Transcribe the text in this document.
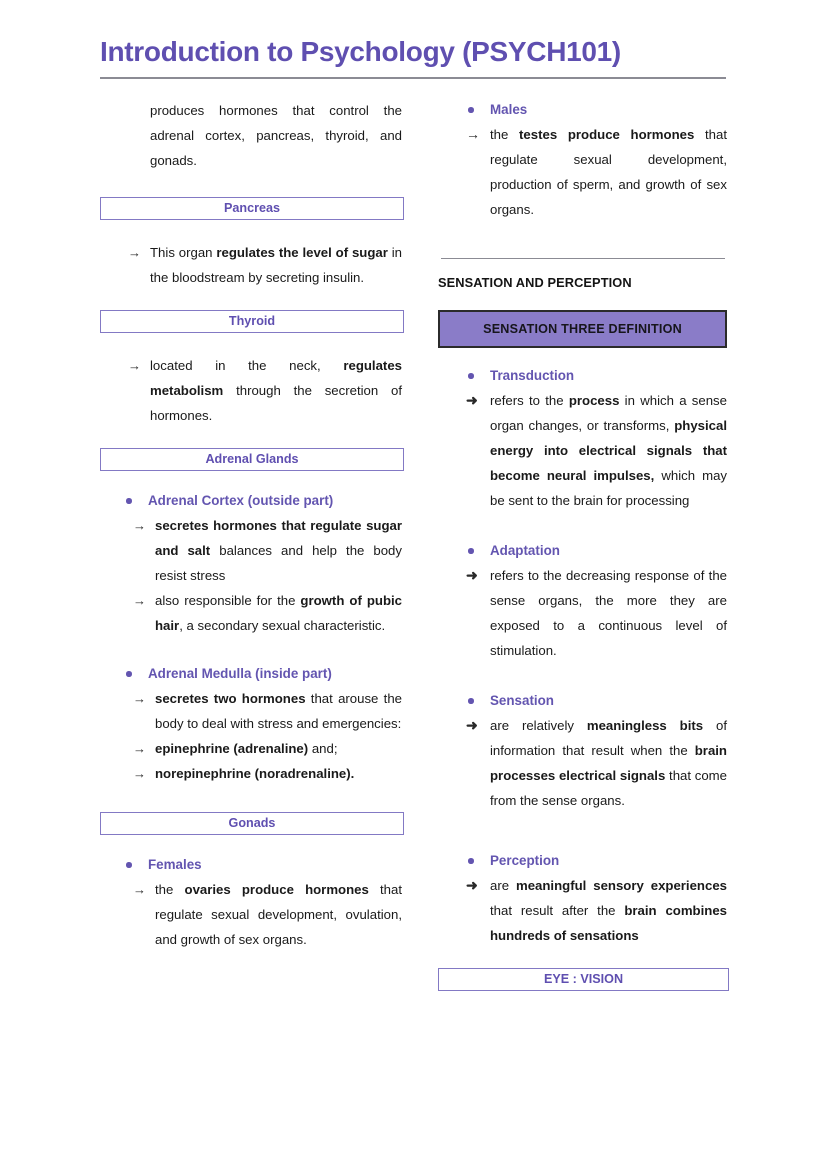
Introduction to Psychology (PSYCH101)
produces hormones that control the adrenal cortex, pancreas, thyroid, and gonads.
Pancreas
→ This organ regulates the level of sugar in the bloodstream by secreting insulin.
Thyroid
→ located in the neck, regulates metabolism through the secretion of hormones.
Adrenal Glands
Adrenal Cortex (outside part)
→ secretes hormones that regulate sugar and salt balances and help the body resist stress
→ also responsible for the growth of pubic hair, a secondary sexual characteristic.
Adrenal Medulla (inside part)
→ secretes two hormones that arouse the body to deal with stress and emergencies:
→ epinephrine (adrenaline) and;
→ norepinephrine (noradrenaline).
Gonads
Females
→ the ovaries produce hormones that regulate sexual development, ovulation, and growth of sex organs.
Males
→ the testes produce hormones that regulate sexual development, production of sperm, and growth of sex organs.
SENSATION AND PERCEPTION
SENSATION THREE DEFINITION
Transduction
➜ refers to the process in which a sense organ changes, or transforms, physical energy into electrical signals that become neural impulses, which may be sent to the brain for processing
Adaptation
➜ refers to the decreasing response of the sense organs, the more they are exposed to a continuous level of stimulation.
Sensation
➜ are relatively meaningless bits of information that result when the brain processes electrical signals that come from the sense organs.
Perception
➜ are meaningful sensory experiences that result after the brain combines hundreds of sensations
EYE : VISION
